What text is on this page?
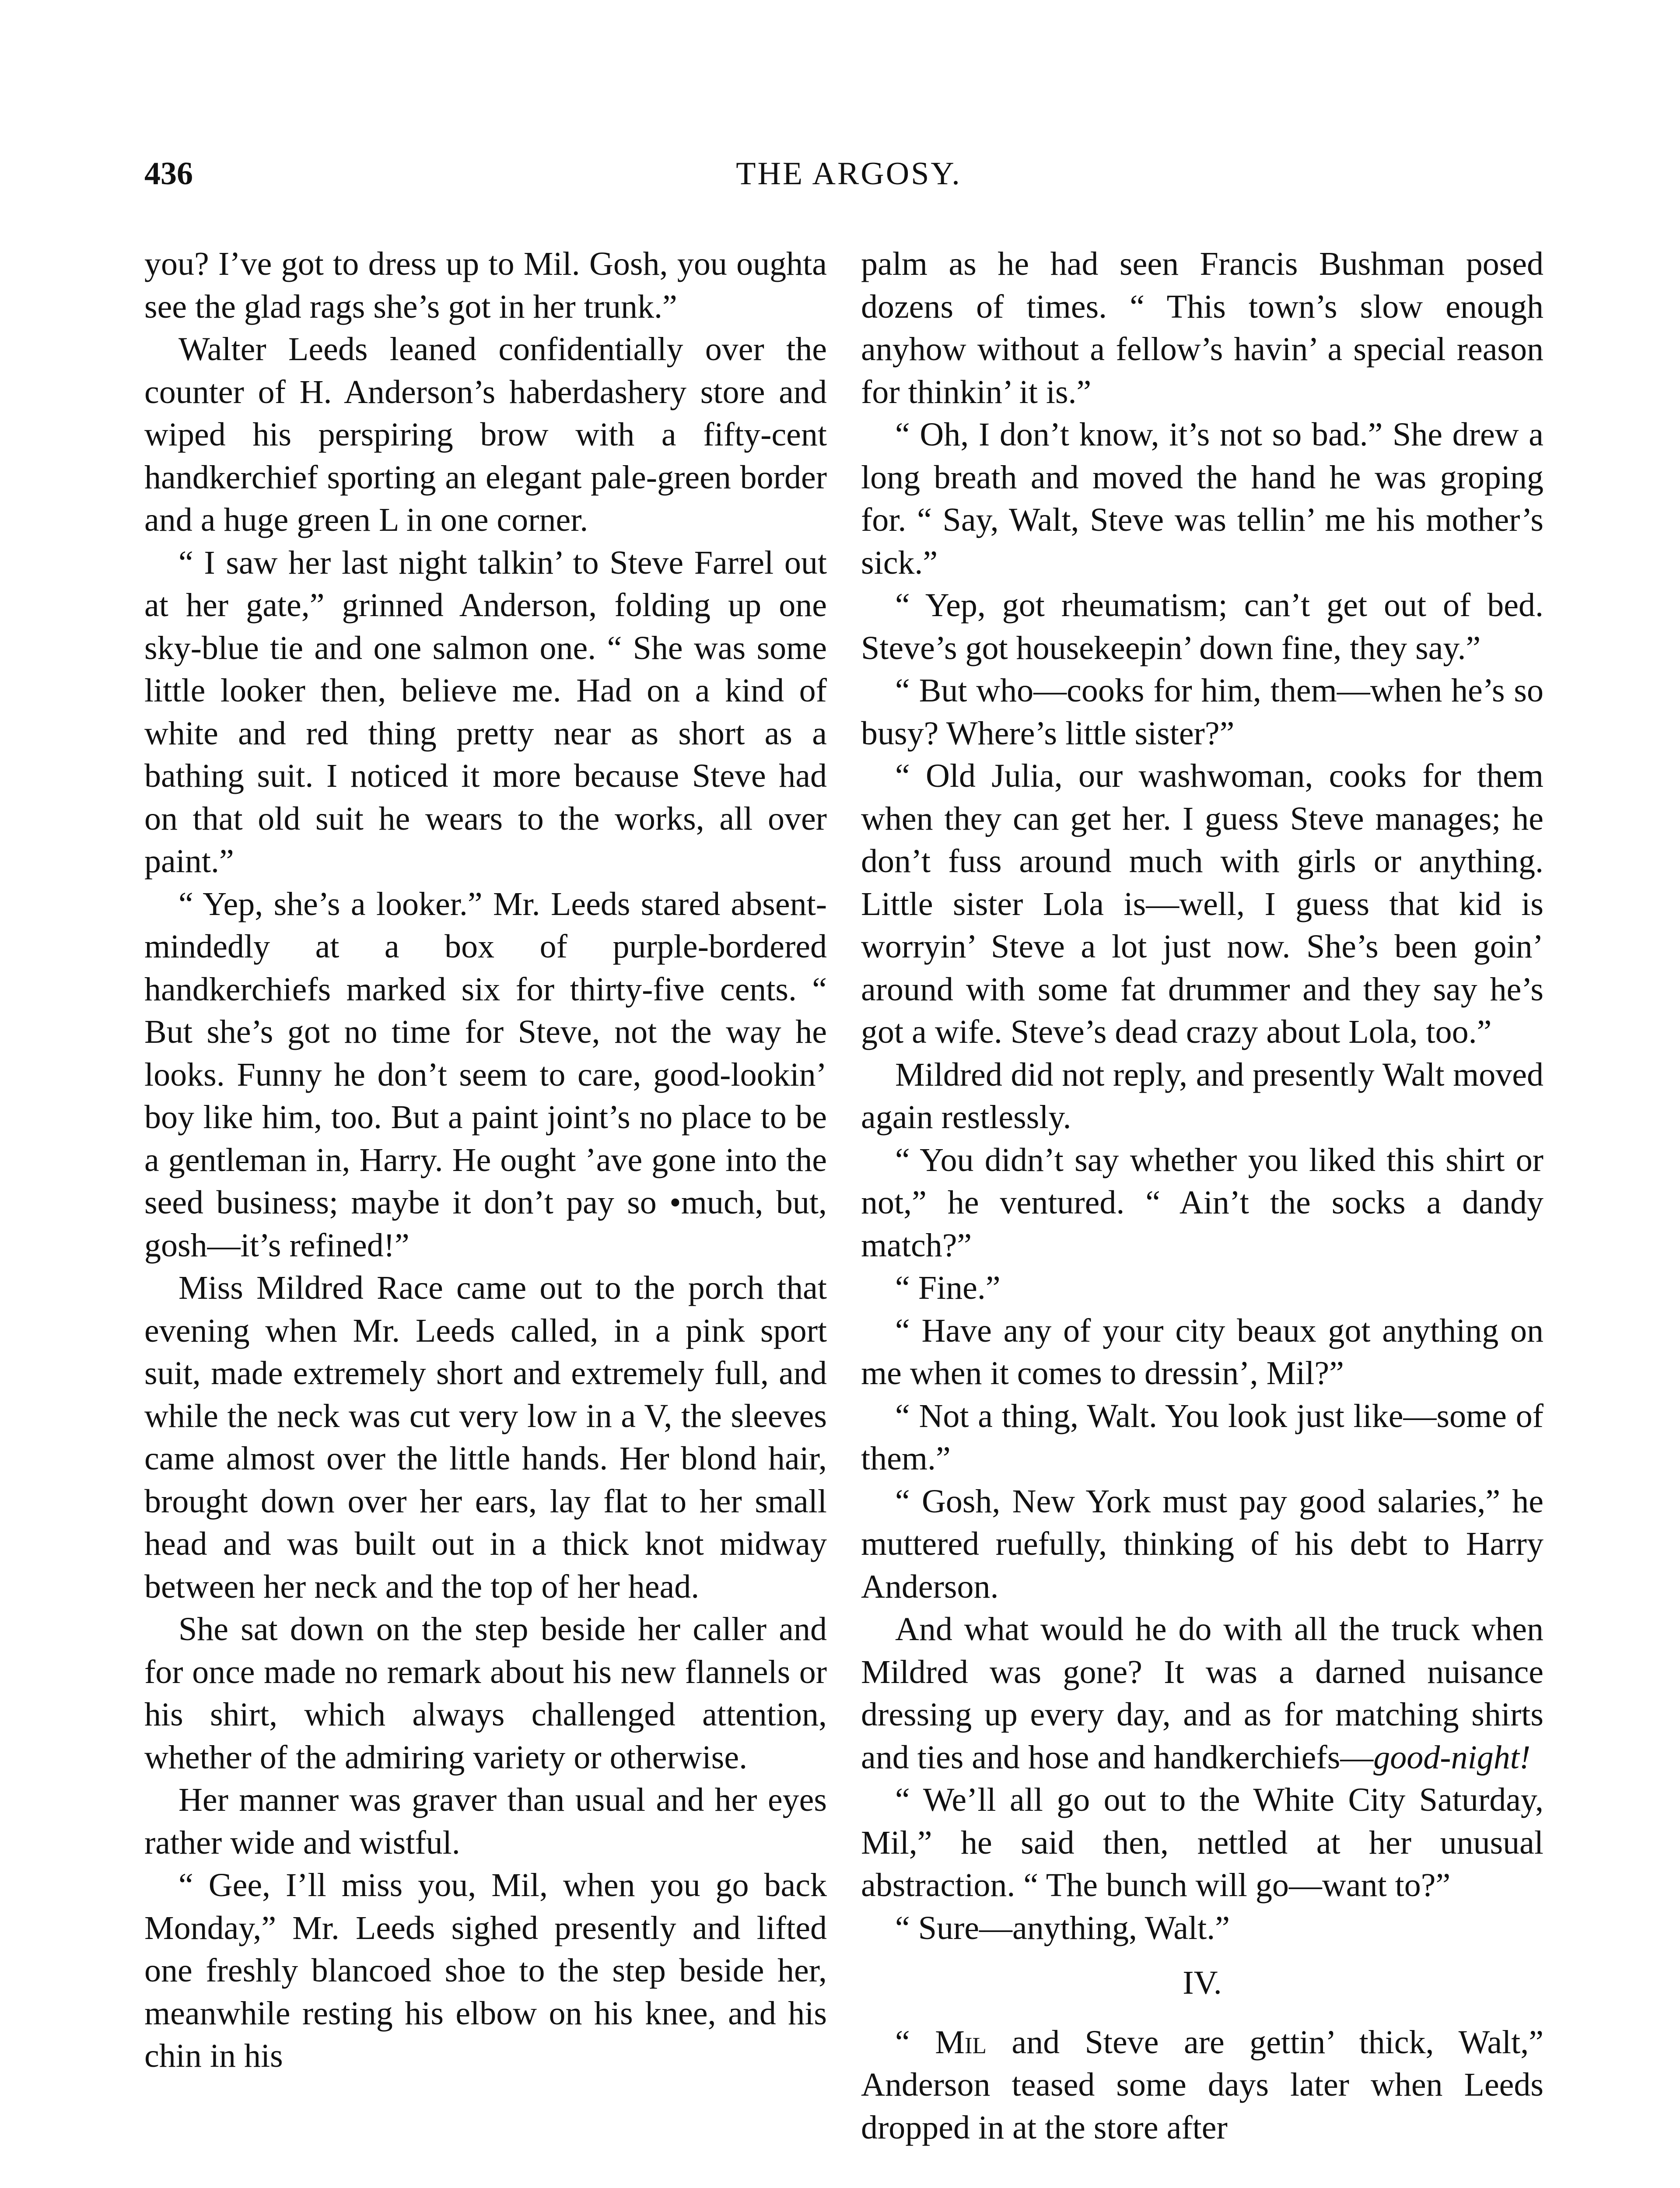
436	THE ARGOSY.

you? I’ve got to dress up to Mil. Gosh, you oughta see the glad rags she’s got in her trunk.”

Walter Leeds leaned confidentially over the counter of H. Anderson’s haberdashery store and wiped his perspiring brow with a fifty-cent handkerchief sporting an elegant pale-green border and a huge green L in one corner.

“ I saw her last night talkin’ to Steve Farrel out at her gate,” grinned Anderson, folding up one sky-blue tie and one salmon one. “ She was some little looker then, believe me. Had on a kind of white and red thing pretty near as short as a bathing suit. I noticed it more because Steve had on that old suit he wears to the works, all over paint.”

“ Yep, she’s a looker.” Mr. Leeds stared absent-mindedly at a box of purple-bordered handkerchiefs marked six for thirty-five cents. “ But she’s got no time for Steve, not the way he looks. Funny he don’t seem to care, good-lookin’ boy like him, too. But a paint joint’s no place to be a gentleman in, Harry. He ought ’ave gone into the seed business; maybe it don’t pay so •much, but, gosh—it’s refined!”

Miss Mildred Race came out to the porch that evening when Mr. Leeds called, in a pink sport suit, made extremely short and extremely full, and while the neck was cut very low in a V, the sleeves came almost over the little hands. Her blond hair, brought down over her ears, lay flat to her small head and was built out in a thick knot midway between her neck and the top of her head.

She sat down on the step beside her caller and for once made no remark about his new flannels or his shirt, which always challenged attention, whether of the admiring variety or otherwise.

Her manner was graver than usual and her eyes rather wide and wistful.

“ Gee, I’ll miss you, Mil, when you go back Monday,” Mr. Leeds sighed presently and lifted one freshly blancoed shoe to the step beside her, meanwhile resting his elbow on his knee, and his chin in his

palm as he had seen Francis Bushman posed dozens of times. “ This town’s slow enough anyhow without a fellow’s havin’ a special reason for thinkin’ it is.”

“ Oh, I don’t know, it’s not so bad.” She drew a long breath and moved the hand he was groping for. “ Say, Walt, Steve was tellin’ me his mother’s sick.”

“ Yep, got rheumatism; can’t get out of bed. Steve’s got housekeepin’ down fine, they say.”

“ But who—cooks for him, them—when he’s so busy? Where’s little sister?”

“ Old Julia, our washwoman, cooks for them when they can get her. I guess Steve manages; he don’t fuss around much with girls or anything. Little sister Lola is—well, I guess that kid is worryin’ Steve a lot just now. She’s been goin’ around with some fat drummer and they say he’s got a wife. Steve’s dead crazy about Lola, too.”

Mildred did not reply, and presently Walt moved again restlessly.

“ You didn’t say whether you liked this shirt or not,” he ventured. “ Ain’t the socks a dandy match?”

“ Fine.”

“ Have any of your city beaux got anything on me when it comes to dressin’, Mil?”

“ Not a thing, Walt. You look just like—some of them.”

“ Gosh, New York must pay good salaries,” he muttered ruefully, thinking of his debt to Harry Anderson.

And what would he do with all the truck when Mildred was gone? It was a darned nuisance dressing up every day, and as for matching shirts and ties and hose and handkerchiefs—good-night!

“ We’ll all go out to the White City Saturday, Mil,” he said then, nettled at her unusual abstraction. “ The bunch will go—want to?”

“ Sure—anything, Walt.”

IV.

“ Mil and Steve are gettin’ thick, Walt,” Anderson teased some days later when Leeds dropped in at the store after
